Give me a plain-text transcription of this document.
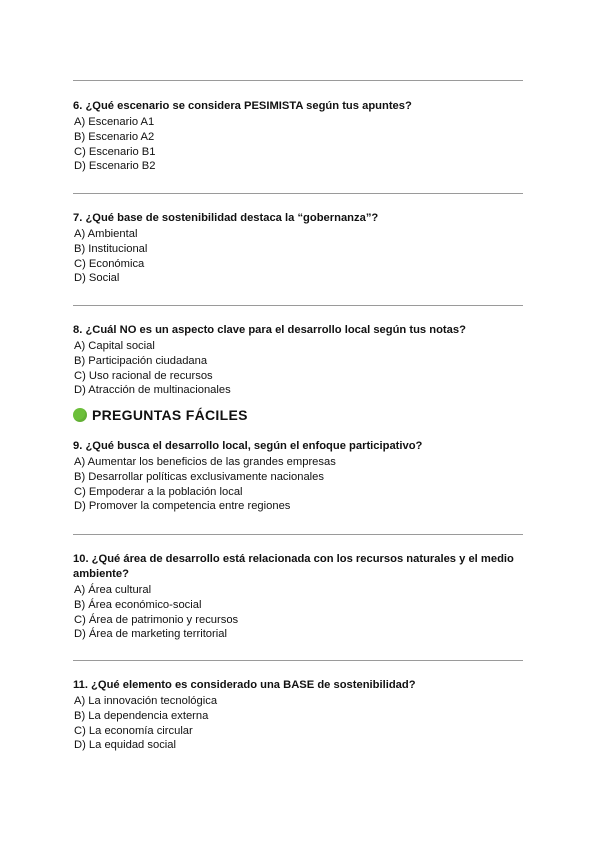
6. ¿Qué escenario se considera PESIMISTA según tus apuntes?
A) Escenario A1
B) Escenario A2
C) Escenario B1
D) Escenario B2
7. ¿Qué base de sostenibilidad destaca la “gobernanza”?
A) Ambiental
B) Institucional
C) Económica
D) Social
8. ¿Cuál NO es un aspecto clave para el desarrollo local según tus notas?
A) Capital social
B) Participación ciudadana
C) Uso racional de recursos
D) Atracción de multinacionales
PREGUNTAS FÁCILES
9. ¿Qué busca el desarrollo local, según el enfoque participativo?
A) Aumentar los beneficios de las grandes empresas
B) Desarrollar políticas exclusivamente nacionales
C) Empoderar a la población local
D) Promover la competencia entre regiones
10. ¿Qué área de desarrollo está relacionada con los recursos naturales y el medio ambiente?
A) Área cultural
B) Área económico-social
C) Área de patrimonio y recursos
D) Área de marketing territorial
11. ¿Qué elemento es considerado una BASE de sostenibilidad?
A) La innovación tecnológica
B) La dependencia externa
C) La economía circular
D) La equidad social
